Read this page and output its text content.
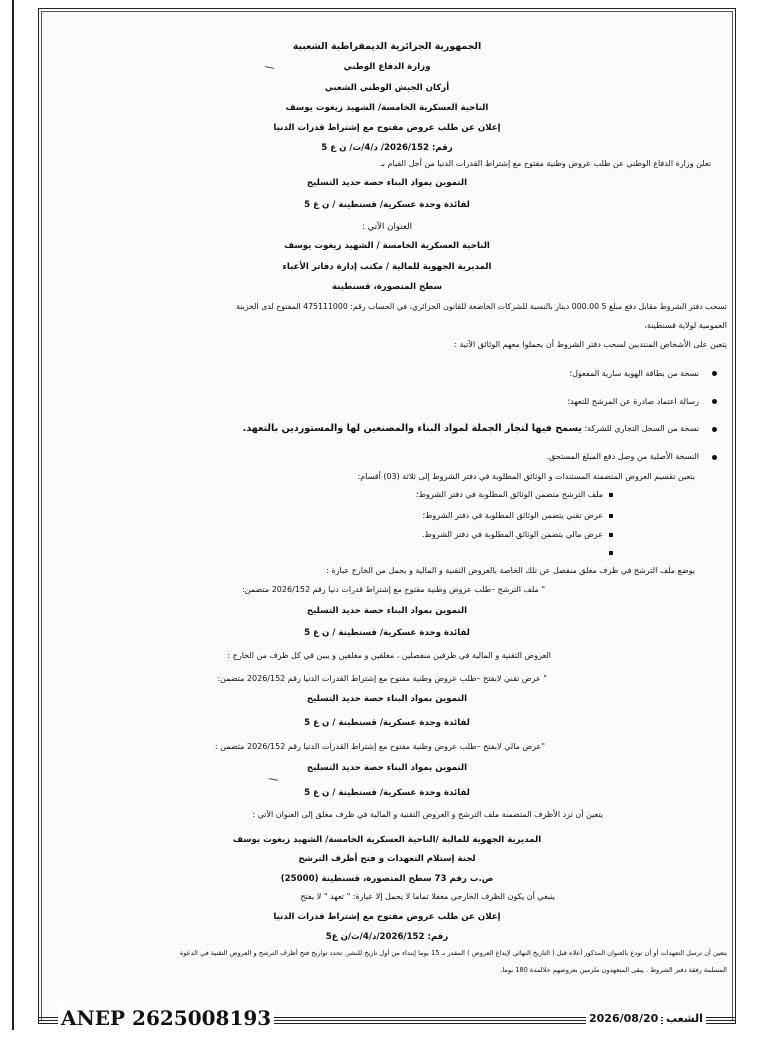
الجمهورية الجزائرية الديمقراطية الشعبية
وزارة الدفاع الوطني
أركان الجيش الوطني الشعبي
الناحية العسكرية الخامسة/ الشهيد زيغوت يوسف
إعلان عن طلب عروض مفتوح مع إشتراط قدرات الدنيا
رقم: 2026/152/ د/4/ت/ ن ع 5
تعلن وزارة الدفاع الوطني عن طلب عروض وطنية مفتوح مع إشتراط القدرات الدنيا من أجل القيام بـ
التموين بمواد البناء حصة حديد التسليح
لفائدة وحدة عسكرية/ قسنطينة / ن ع 5
العنوان الآتي :
الناحية العسكرية الخامسة / الشهيد زيغوت يوسف
المديرية الجهوية للمالية / مكتب إدارة دفاتر الأعباء
سطح المنصورة، قسنطينة
تسحب دفتر الشروط مقابل دفع مبلغ 5 000.00 دينار بالنسبة للشركات الخاضعة للقانون الجزائري، في الحساب رقم: 475111000 المفتوح لدى الخزينة
العمومية لولاية قسنطينة،
يتعين على الأشخاص المنتدبين لسحب دفتر الشروط أن يحملوا معهم الوثائق الآتية :
نسخة من بطاقة الهوية سارية المفعول؛
رسالة اعتماد صادرة عن المرشح للتعهد؛
نسخة من السجل التجاري للشركة؛ يسمح فيها لتجار الجملة لمواد البناء والمصنعين لها والمستوردين بالتعهد.
النسخة الأصلية من وصل دفع المبلغ المستحق.
يتعين تقسيم العروض المتضمنة المستندات و الوثائق المطلوبة في دفتر الشروط إلى ثلاثة (03) أقسام:
ملف الترشح متضمن الوثائق المطلوبة في دفتر الشروط؛
عرض تقني يتضمن الوثائق المطلوبة في دفتر الشروط؛
عرض مالي يتضمن الوثائق المطلوبة في دفتر الشروط.
يوضع ملف الترشح في ظرف مغلق منفصل عن تلك الخاصة بالعروض التقنية و المالية و يحمل من الخارج عبارة :
" ملف الترشح –طلب عروض وطنية مفتوح مع إشتراط قدرات دنيا رقم 2026/152 متضمن:
التموين بمواد البناء حصة حديد التسليح
لفائدة وحدة عسكرية/ قسنطينة / ن ع 5
العروض التقنية و المالية في ظرفين منفصلين ، مغلقين و مغلفين و يبين في كل ظرف من الخارج :
" عرض تقني لايفتح –طلب عروض وطنية مفتوح مع إشتراط القدرات الدنيا رقم 2026/152 متضمن:
التموين بمواد البناء حصة حديد التسليح
لفائدة وحدة عسكرية/ قسنطينة / ن ع 5
"عرض مالي لايفتح –طلب عروض وطنية مفتوح مع إشتراط القدرات الدنيا رقم 2026/152 متضمن :
التموين بمواد البناء حصة حديد التسليح
لفائدة وحدة عسكرية/ قسنطينة / ن ع 5
يتعين أن تزد الأظرف المتضمنة ملف الترشح و العروض التقنية و المالية في ظرف مغلق إلى العنوان الآتي :
المديرية الجهوية للمالية /الناحية العسكرية الخامسة/ الشهيد زيغوت يوسف
لجنة إستلام التعهدات و فتح أظرف الترشح
ص.ب رقم 73 سطح المنصورة، قسنطينة (25000)
ينبغي أن يكون الظرف الخارجي مغفلا تماما لا يحمل إلا عبارة: " تعهد " لا يفتح
إعلان عن طلب عروض مفتوح مع إشتراط قدرات الدنيا
رقم: 2026/152/د/4/ت/ن ع5
يتعين أن ترسل التعهدات أو أن تودع بالعنوان المذكور أعلاه قبل ( التاريخ النهائي لإيداع العروض ) المقدر بـ 15 يوما إبتداء من أول تاريخ للنشر. تحدد تواريخ فتح أظرف الترشح و العروض التقنية في الدعوة
المسلمة رفقة دفتر الشروط . يبقى المتعهدون ملزمين بعروضهم خلالمدة 180 يوما.
ANEP 2625008193	2026/08/20 الشعب
